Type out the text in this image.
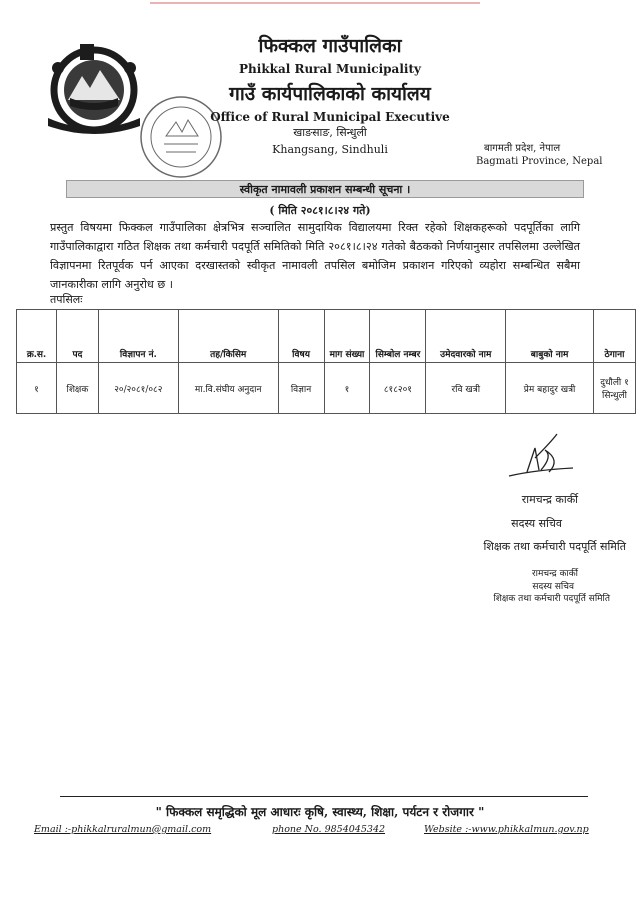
फिक्कल गाउँपालिका
Phikkal Rural Municipality
गाउँ कार्यपालिकाको कार्यालय
Office of Rural Municipal Executive
खाङसाङ, सिन्धुली
Khangsang, Sindhuli	बागमती प्रदेश, नेपाल
Bagmati Province, Nepal
स्वीकृत नामावली प्रकाशन सम्बन्धी सूचना ।
( मिति २०८१।८।२४ गते)
प्रस्तुत विषयमा फिक्कल गाउँपालिका क्षेत्रभित्र सञ्चालित सामुदायिक विद्यालयमा रिक्त रहेको शिक्षकहरूको पदपूर्तिका लागि गाउँपालिकाद्वारा गठित शिक्षक तथा कर्मचारी पदपूर्ति समितिको मिति २०८१।८।२४ गतेको बैठकको निर्णयानुसार तपसिलमा उल्लेखित विज्ञापनमा रितपूर्वक पर्न आएका दरखास्तको स्वीकृत नामावली तपसिल बमोजिम प्रकाशन गरिएको व्यहोरा सम्बन्धित सबैमा जानकारीका लागि अनुरोध छ ।
तपसिलः
क्र.स.	पद	विज्ञापन नं.	तह/किसिम	विषय	माग संख्या	सिम्बोल नम्बर	उमेदवारको नाम	बाबुको नाम	ठेगाना
१	शिक्षक	२०/२०८१/०८२	मा.वि.संघीय अनुदान	विज्ञान	१	८१८२०१	रवि खत्री	प्रेम बहादुर खत्री	दुधौली १ सिन्धुली
रामचन्द्र कार्की
सदस्य सचिव
शिक्षक तथा कर्मचारी पदपूर्ति समिति
रामचन्द्र कार्की
सदस्य सचिव
शिक्षक तथा कर्मचारी पदपूर्ति समिति
" फिक्कल समृद्धिको मूल आधारः कृषि, स्वास्थ्य, शिक्षा, पर्यटन र रोजगार "
Email :-phikkalruralmun@gmail.com	phone No. 9854045342	Website :-www.phikkalmun.gov.np
